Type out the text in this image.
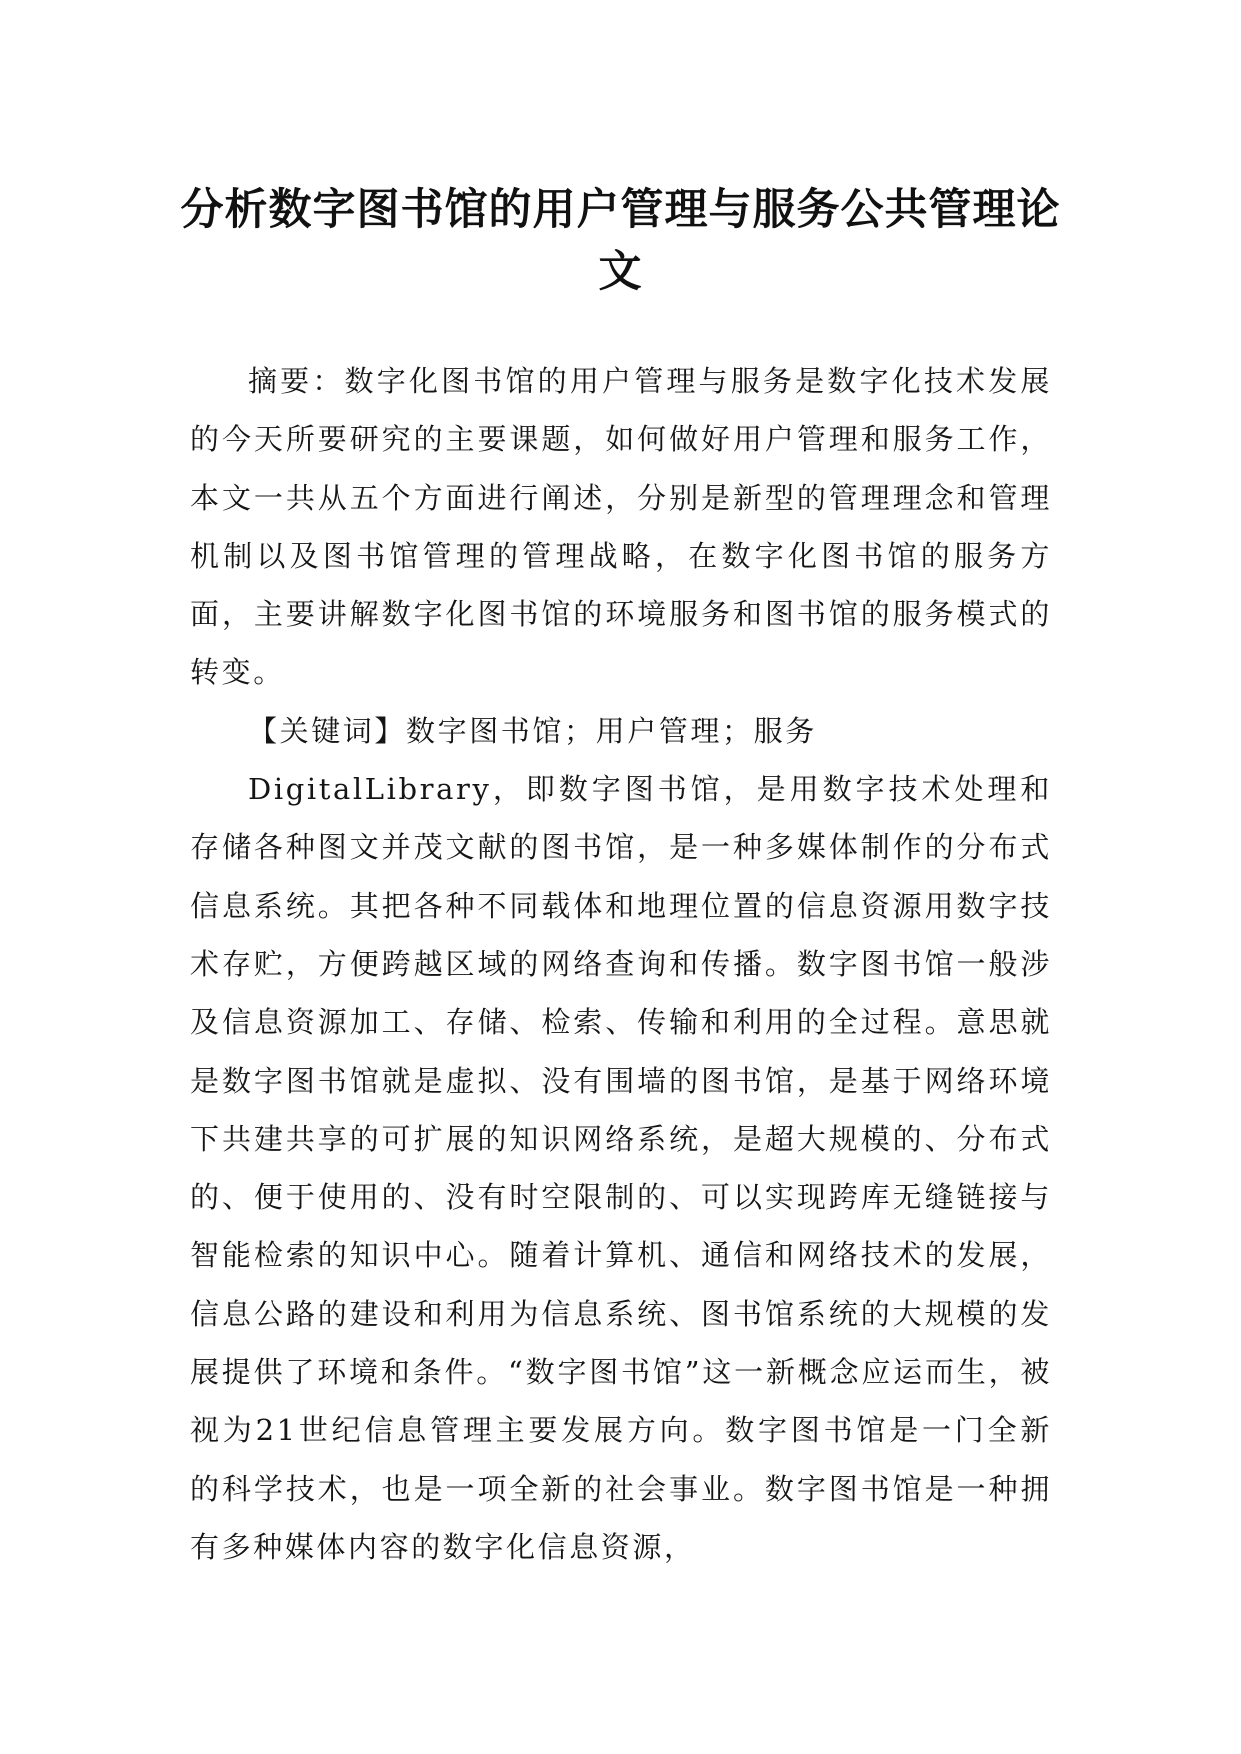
分析数字图书馆的用户管理与服务公共管理论文

摘要：数字化图书馆的用户管理与服务是数字化技术发展的今天所要研究的主要课题，如何做好用户管理和服务工作，本文一共从五个方面进行阐述，分别是新型的管理理念和管理机制以及图书馆管理的管理战略，在数字化图书馆的服务方面，主要讲解数字化图书馆的环境服务和图书馆的服务模式的转变。

【关键词】数字图书馆；用户管理；服务

DigitalLibrary，即数字图书馆，是用数字技术处理和存储各种图文并茂文献的图书馆，是一种多媒体制作的分布式信息系统。其把各种不同载体和地理位置的信息资源用数字技术存贮，方便跨越区域的网络查询和传播。数字图书馆一般涉及信息资源加工、存储、检索、传输和利用的全过程。意思就是数字图书馆就是虚拟、没有围墙的图书馆，是基于网络环境下共建共享的可扩展的知识网络系统，是超大规模的、分布式的、便于使用的、没有时空限制的、可以实现跨库无缝链接与智能检索的知识中心。随着计算机、通信和网络技术的发展，信息公路的建设和利用为信息系统、图书馆系统的大规模的发展提供了环境和条件。“数字图书馆”这一新概念应运而生，被视为21世纪信息管理主要发展方向。数字图书馆是一门全新的科学技术，也是一项全新的社会事业。数字图书馆是一种拥有多种媒体内容的数字化信息资源，
